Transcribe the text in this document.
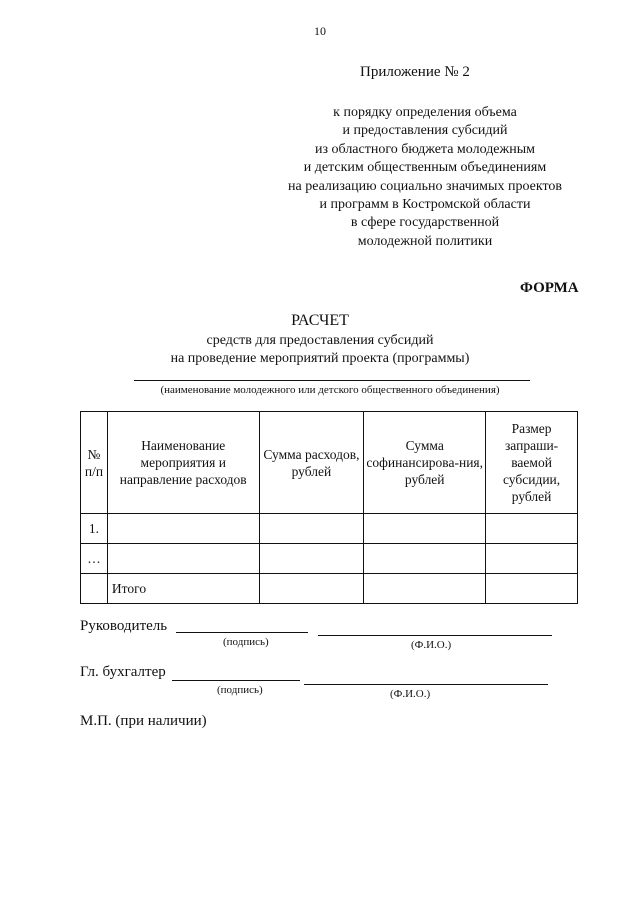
10
Приложение № 2
к порядку определения объема
и предоставления субсидий
из областного бюджета молодежным
и детским общественным объединениям
на реализацию социально значимых проектов
и программ в Костромской области
в сфере государственной
молодежной политики
ФОРМА
РАСЧЕТ
средств для предоставления субсидий
на проведение мероприятий проекта (программы)
(наименование молодежного или детского общественного объединения)
№ п/п	Наименование мероприятия и направление расходов	Сумма расходов, рублей	Сумма софинансирова-ния, рублей	Размер запраши-ваемой субсидии, рублей
1.				
…				
	Итого			
Руководитель
(подпись)	(Ф.И.О.)
Гл. бухгалтер
(подпись)	(Ф.И.О.)
М.П. (при наличии)
